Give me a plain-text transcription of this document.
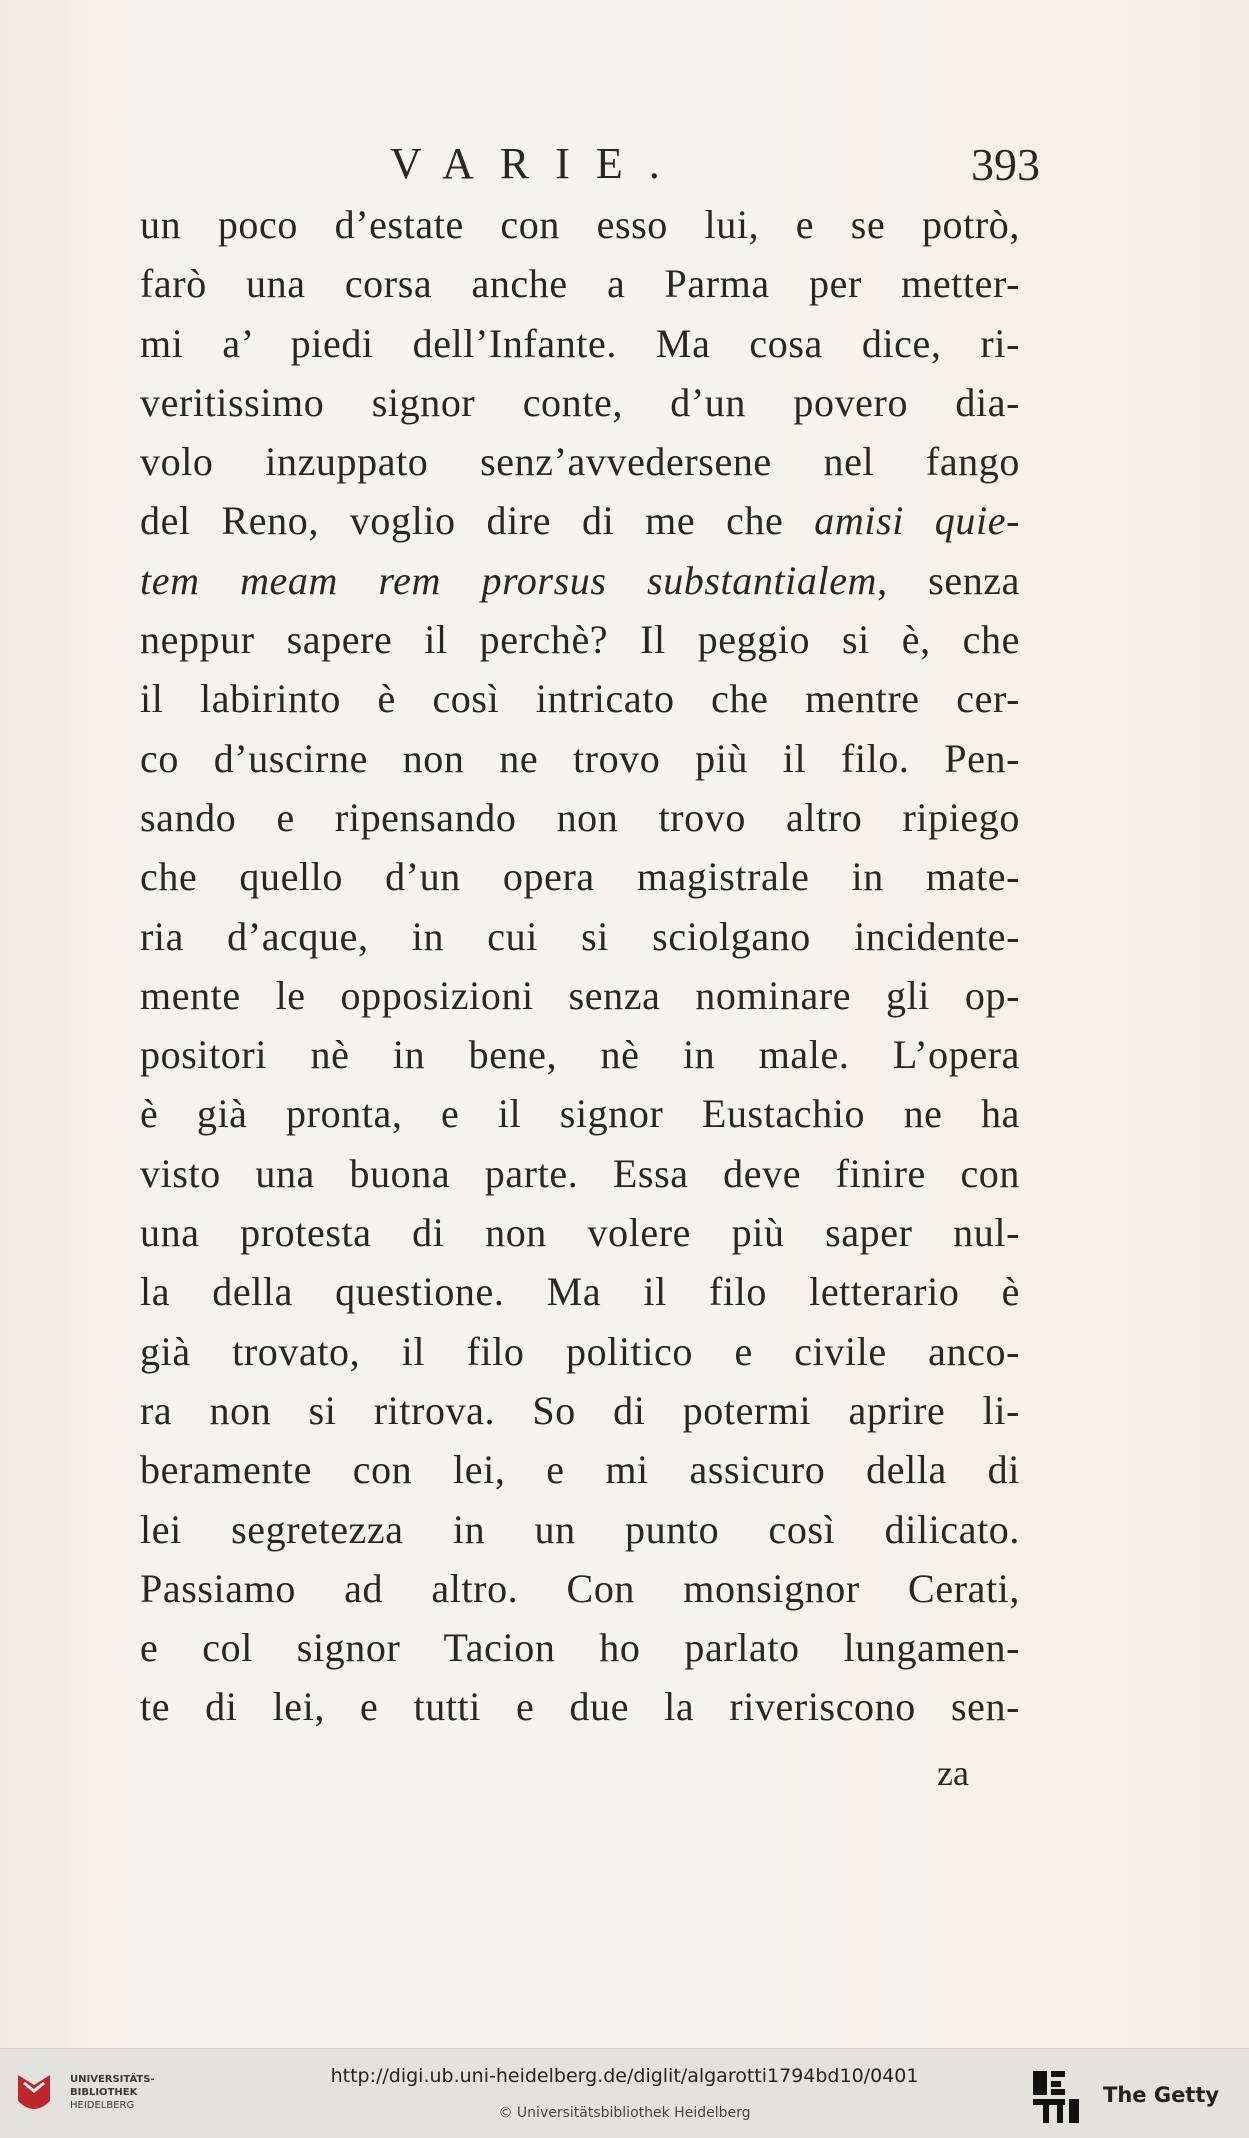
VARIE.	393
un poco d’estate con esso lui, e se potrò,
farò una corsa anche a Parma per metter-
mi a’ piedi dell’Infante. Ma cosa dice, ri-
veritissimo signor conte, d’un povero dia-
volo inzuppato senz’avvedersene nel fango
del Reno, voglio dire di me che amisi quie-
tem meam rem prorsus substantialem, senza
neppur sapere il perchè? Il peggio si è, che
il labirinto è così intricato che mentre cer-
co d’uscirne non ne trovo più il filo. Pen-
sando e ripensando non trovo altro ripiego
che quello d’un opera magistrale in mate-
ria d’acque, in cui si sciolgano incidente-
mente le opposizioni senza nominare gli op-
positori nè in bene, nè in male. L’opera
è già pronta, e il signor Eustachio ne ha
visto una buona parte. Essa deve finire con
una protesta di non volere più saper nul-
la della questione. Ma il filo letterario è
già trovato, il filo politico e civile anco-
ra non si ritrova. So di potermi aprire li-
beramente con lei, e mi assicuro della di
lei segretezza in un punto così dilicato.
Passiamo ad altro. Con monsignor Cerati,
e col signor Tacion ho parlato lungamen-
te di lei, e tutti e due la riveriscono sen-
za
UNIVERSITÄTS-
BIBLIOTHEK
HEIDELBERG
http://digi.ub.uni-heidelberg.de/diglit/algarotti1794bd10/0401
© Universitätsbibliothek Heidelberg
The Getty
